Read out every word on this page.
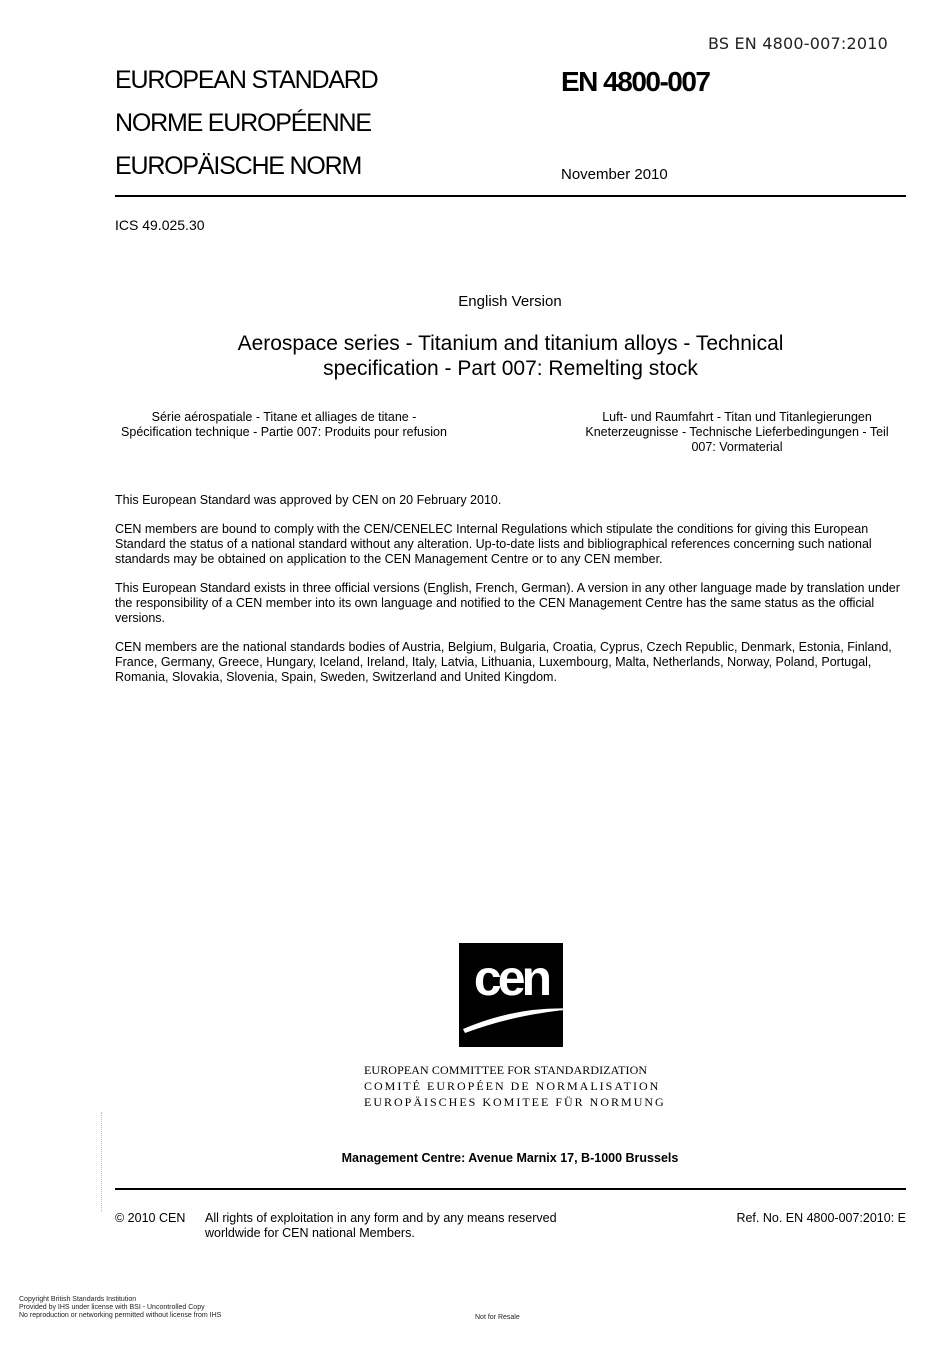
BS EN 4800-007:2010
EUROPEAN STANDARD
NORME EUROPÉENNE
EUROPÄISCHE NORM
EN 4800-007
November 2010
ICS 49.025.30
English Version
Aerospace series - Titanium and titanium alloys - Technical
specification - Part 007: Remelting stock
Série aérospatiale - Titane et alliages de titane -
Spécification technique - Partie 007: Produits pour refusion
Luft- und Raumfahrt - Titan und Titanlegierungen
Kneterzeugnisse - Technische Lieferbedingungen - Teil
007: Vormaterial

This European Standard was approved by CEN on 20 February 2010.

CEN members are bound to comply with the CEN/CENELEC Internal Regulations which stipulate the conditions for giving this European Standard the status of a national standard without any alteration. Up-to-date lists and bibliographical references concerning such national standards may be obtained on application to the CEN Management Centre or to any CEN member.

This European Standard exists in three official versions (English, French, German). A version in any other language made by translation under the responsibility of a CEN member into its own language and notified to the CEN Management Centre has the same status as the official versions.

CEN members are the national standards bodies of Austria, Belgium, Bulgaria, Croatia, Cyprus, Czech Republic, Denmark, Estonia, Finland, France, Germany, Greece, Hungary, Iceland, Ireland, Italy, Latvia, Lithuania, Luxembourg, Malta, Netherlands, Norway, Poland, Portugal, Romania, Slovakia, Slovenia, Spain, Sweden, Switzerland and United Kingdom.

cen
EUROPEAN COMMITTEE FOR STANDARDIZATION
COMITÉ EUROPÉEN DE NORMALISATION
EUROPÄISCHES KOMITEE FÜR NORMUNG
Management Centre: Avenue Marnix 17, B-1000 Brussels
© 2010 CEN All rights of exploitation in any form and by any means reserved
worldwide for CEN national Members.
Ref. No. EN 4800-007:2010: E
Copyright British Standards Institution
Provided by IHS under license with BSI - Uncontrolled Copy
No reproduction or networking permitted without license from IHS	Not for Resale
